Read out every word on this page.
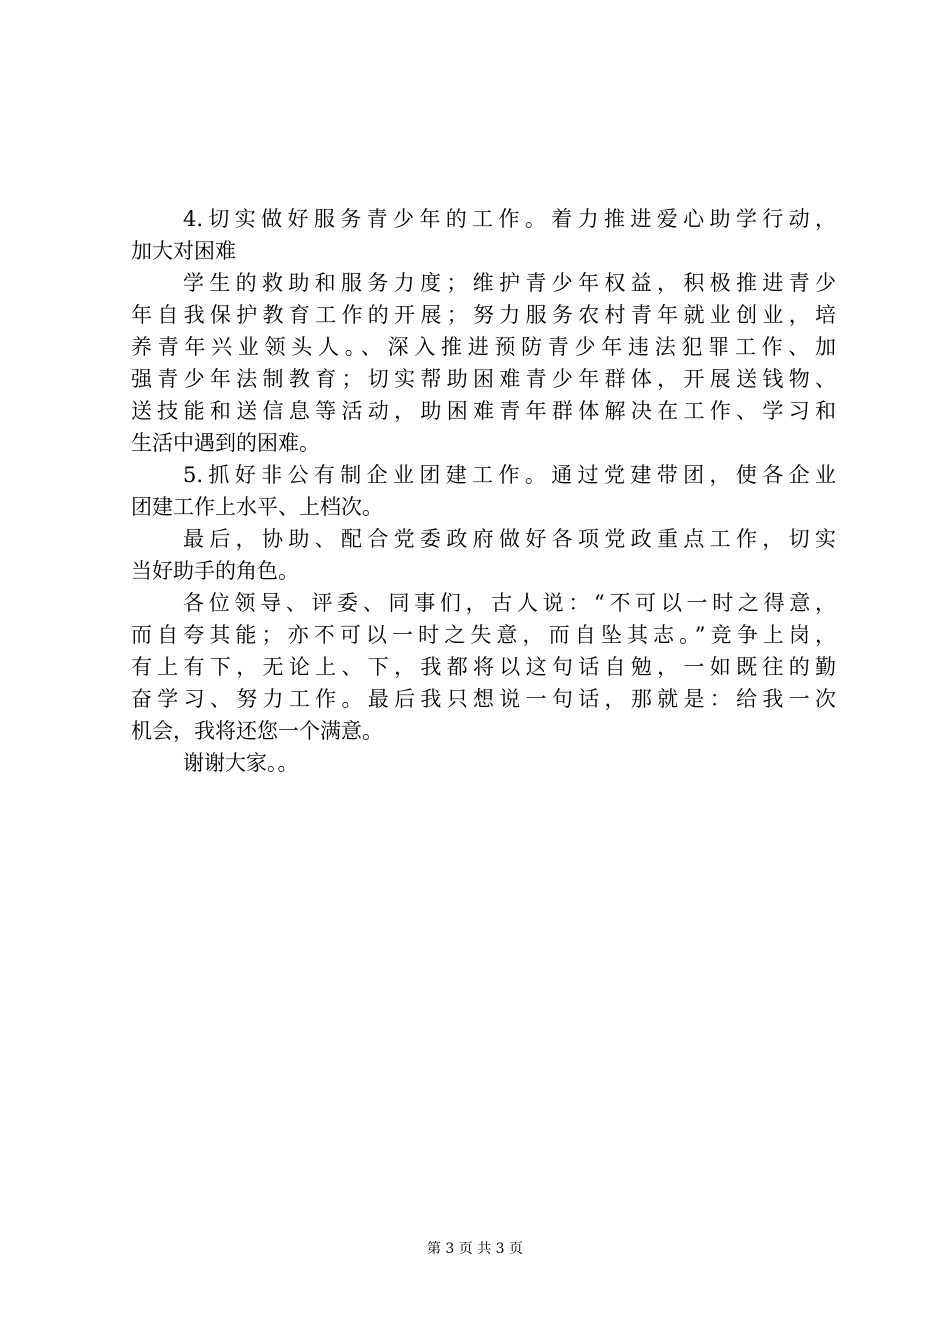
4.切实做好服务青少年的工作。着力推进爱心助学行动，
加大对困难
学生的救助和服务力度；维护青少年权益，积极推进青少
年自我保护教育工作的开展；努力服务农村青年就业创业，培
养青年兴业领头人。、深入推进预防青少年违法犯罪工作、加
强青少年法制教育；切实帮助困难青少年群体，开展送钱物、
送技能和送信息等活动，助困难青年群体解决在工作、学习和
生活中遇到的困难。
5.抓好非公有制企业团建工作。通过党建带团，使各企业
团建工作上水平、上档次。
最后，协助、配合党委政府做好各项党政重点工作，切实
当好助手的角色。
各位领导、评委、同事们，古人说：“不可以一时之得意，
而自夸其能；亦不可以一时之失意，而自坠其志。”竞争上岗，
有上有下，无论上、下，我都将以这句话自勉，一如既往的勤
奋学习、努力工作。最后我只想说一句话，那就是：给我一次
机会，我将还您一个满意。
谢谢大家。。
第 3 页 共 3 页
